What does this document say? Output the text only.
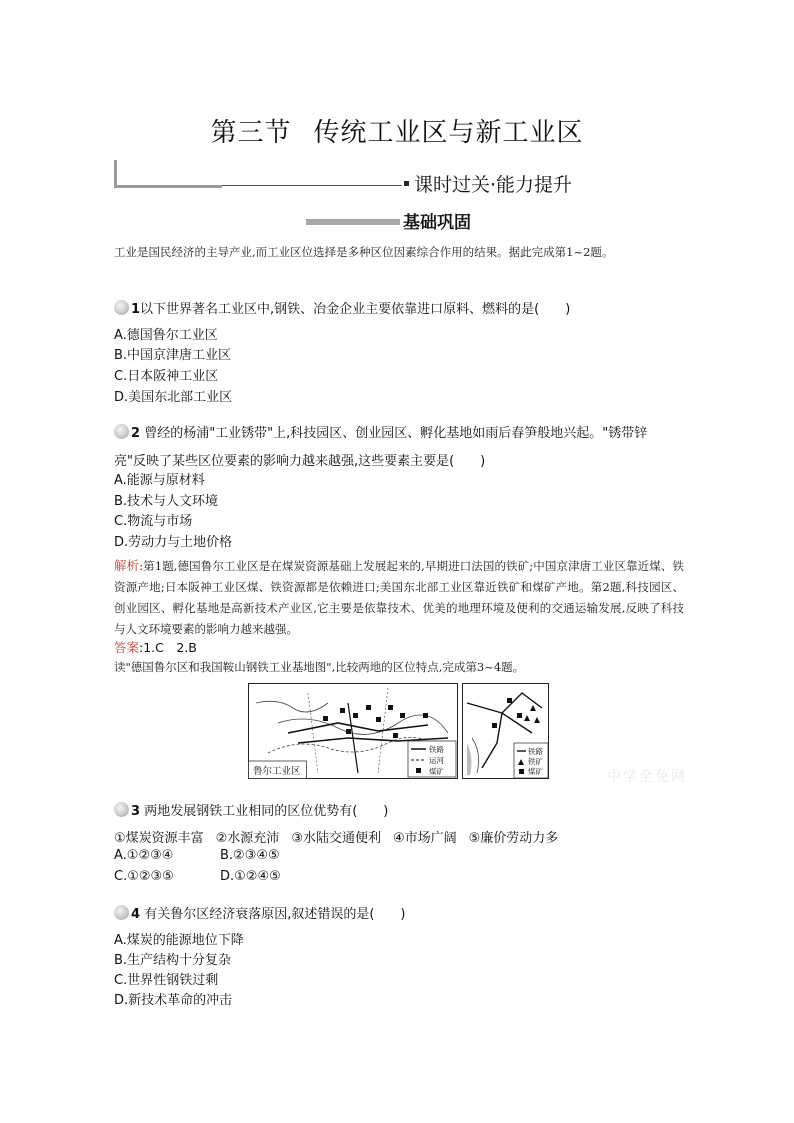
第三节 传统工业区与新工业区
课时过关·能力提升
基础巩固
工业是国民经济的主导产业,而工业区位选择是多种区位因素综合作用的结果。据此完成第1~2题。
1以下世界著名工业区中,钢铁、冶金企业主要依靠进口原料、燃料的是(　　)
A.德国鲁尔工业区
B.中国京津唐工业区
C.日本阪神工业区
D.美国东北部工业区
2 曾经的杨浦"工业锈带"上,科技园区、创业园区、孵化基地如雨后春笋般地兴起。"锈带锌
亮"反映了某些区位要素的影响力越来越强,这些要素主要是(　　)
A.能源与原材料
B.技术与人文环境
C.物流与市场
D.劳动力与土地价格
解析:第1题,德国鲁尔工业区是在煤炭资源基础上发展起来的,早期进口法国的铁矿;中国京津唐工业区靠近煤、铁资源产地;日本阪神工业区煤、铁资源都是依赖进口;美国东北部工业区靠近铁矿和煤矿产地。第2题,科技园区、创业园区、孵化基地是高新技术产业区,它主要是依靠技术、优美的地理环境及便利的交通运输发展,反映了科技与人文环境要素的影响力越来越强。
答案:1.C　2.B
读"德国鲁尔区和我国鞍山钢铁工业基地图",比较两地的区位特点,完成第3~4题。
铁路
运河
煤矿
鲁尔工业区
铁路
铁矿
煤矿	中学全免网
3 两地发展钢铁工业相同的区位优势有(　　)
①煤炭资源丰富 ②水源充沛 ③水陆交通便利 ④市场广阔 ⑤廉价劳动力多
A.①②③④	B.②③④⑤
C.①②③⑤	D.①②④⑤
4 有关鲁尔区经济衰落原因,叙述错误的是(　　)
A.煤炭的能源地位下降
B.生产结构十分复杂
C.世界性钢铁过剩
D.新技术革命的冲击
